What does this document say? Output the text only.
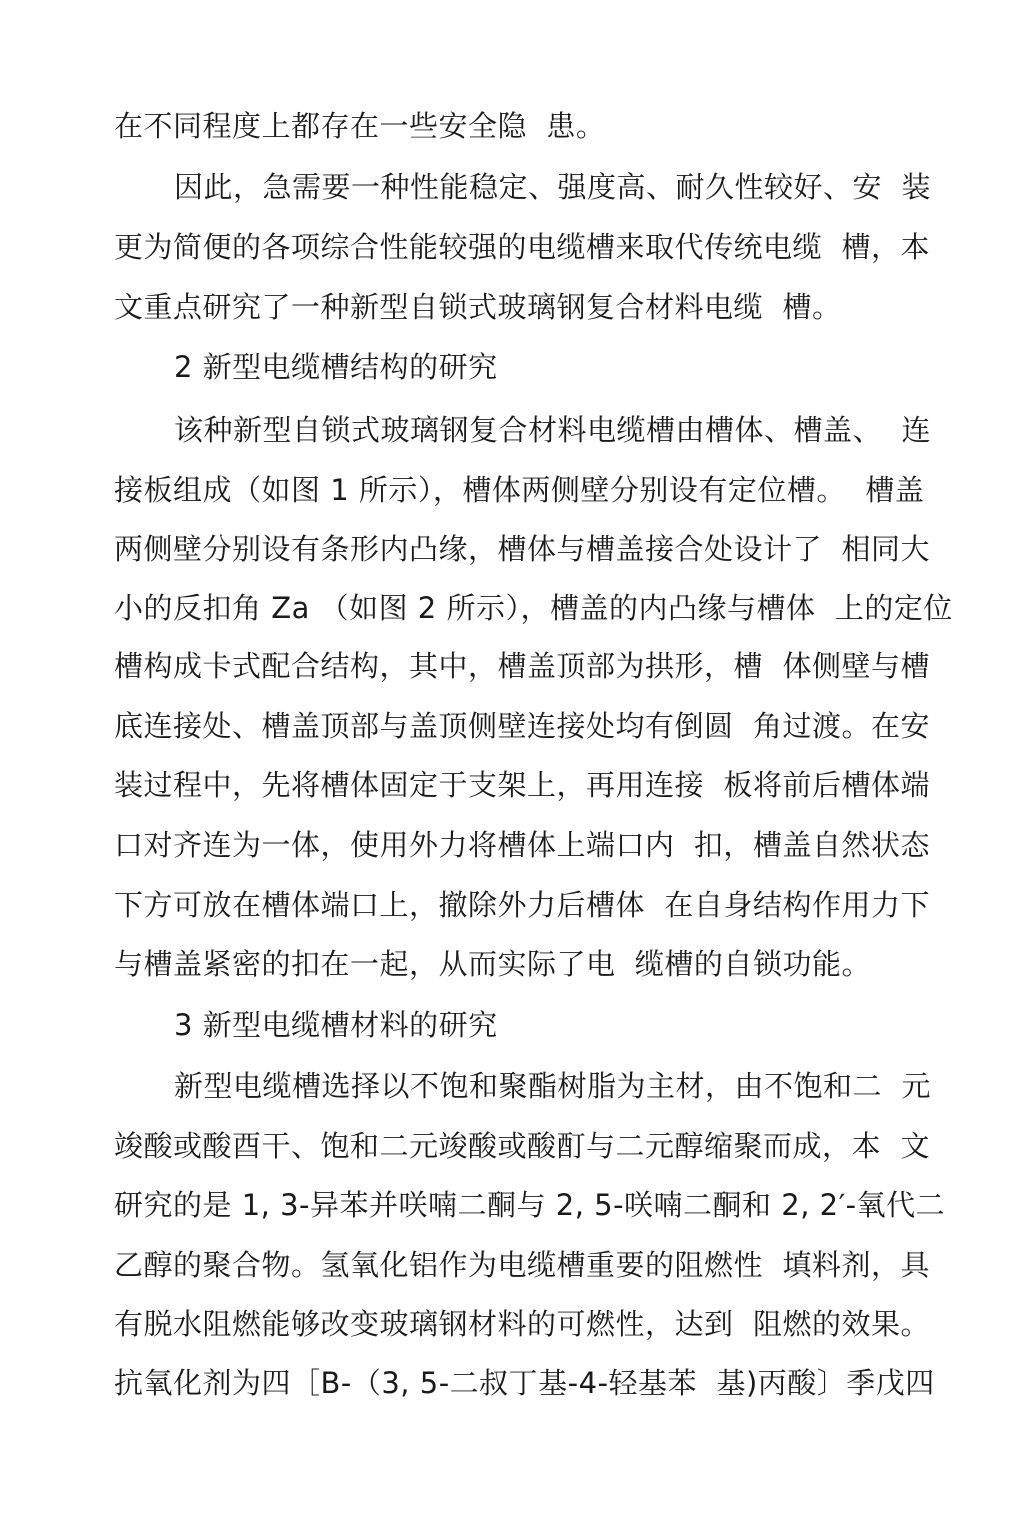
在不同程度上都存在一些安全隐  患。
因此，急需要一种性能稳定、强度高、耐久性较好、安  装
更为简便的各项综合性能较强的电缆槽来取代传统电缆  槽，本
文重点研究了一种新型自锁式玻璃钢复合材料电缆  槽。
2 新型电缆槽结构的研究
该种新型自锁式玻璃钢复合材料电缆槽由槽体、槽盖、  连
接板组成（如图 1 所示），槽体两侧壁分别设有定位槽。  槽盖
两侧壁分别设有条形内凸缘，槽体与槽盖接合处设计了  相同大
小的反扣角 Za （如图 2 所示），槽盖的内凸缘与槽体  上的定位
槽构成卡式配合结构，其中，槽盖顶部为拱形，槽  体侧壁与槽
底连接处、槽盖顶部与盖顶侧壁连接处均有倒圆  角过渡。在安
装过程中，先将槽体固定于支架上，再用连接  板将前后槽体端
口对齐连为一体，使用外力将槽体上端口内  扣，槽盖自然状态
下方可放在槽体端口上，撤除外力后槽体  在自身结构作用力下
与槽盖紧密的扣在一起，从而实际了电  缆槽的自锁功能。
3 新型电缆槽材料的研究
新型电缆槽选择以不饱和聚酯树脂为主材，由不饱和二  元
竣酸或酸酉干、饱和二元竣酸或酸酊与二元醇缩聚而成，本  文
研究的是 1, 3-异苯并咲喃二酮与 2, 5-咲喃二酮和 2, 2′-氧代二
乙醇的聚合物。氢氧化铝作为电缆槽重要的阻燃性  填料剂，具
有脱水阻燃能够改变玻璃钢材料的可燃性，达到  阻燃的效果。
抗氧化剂为四［B-（3, 5-二叔丁基-4-轻基苯  基)丙酸〕季戊四
